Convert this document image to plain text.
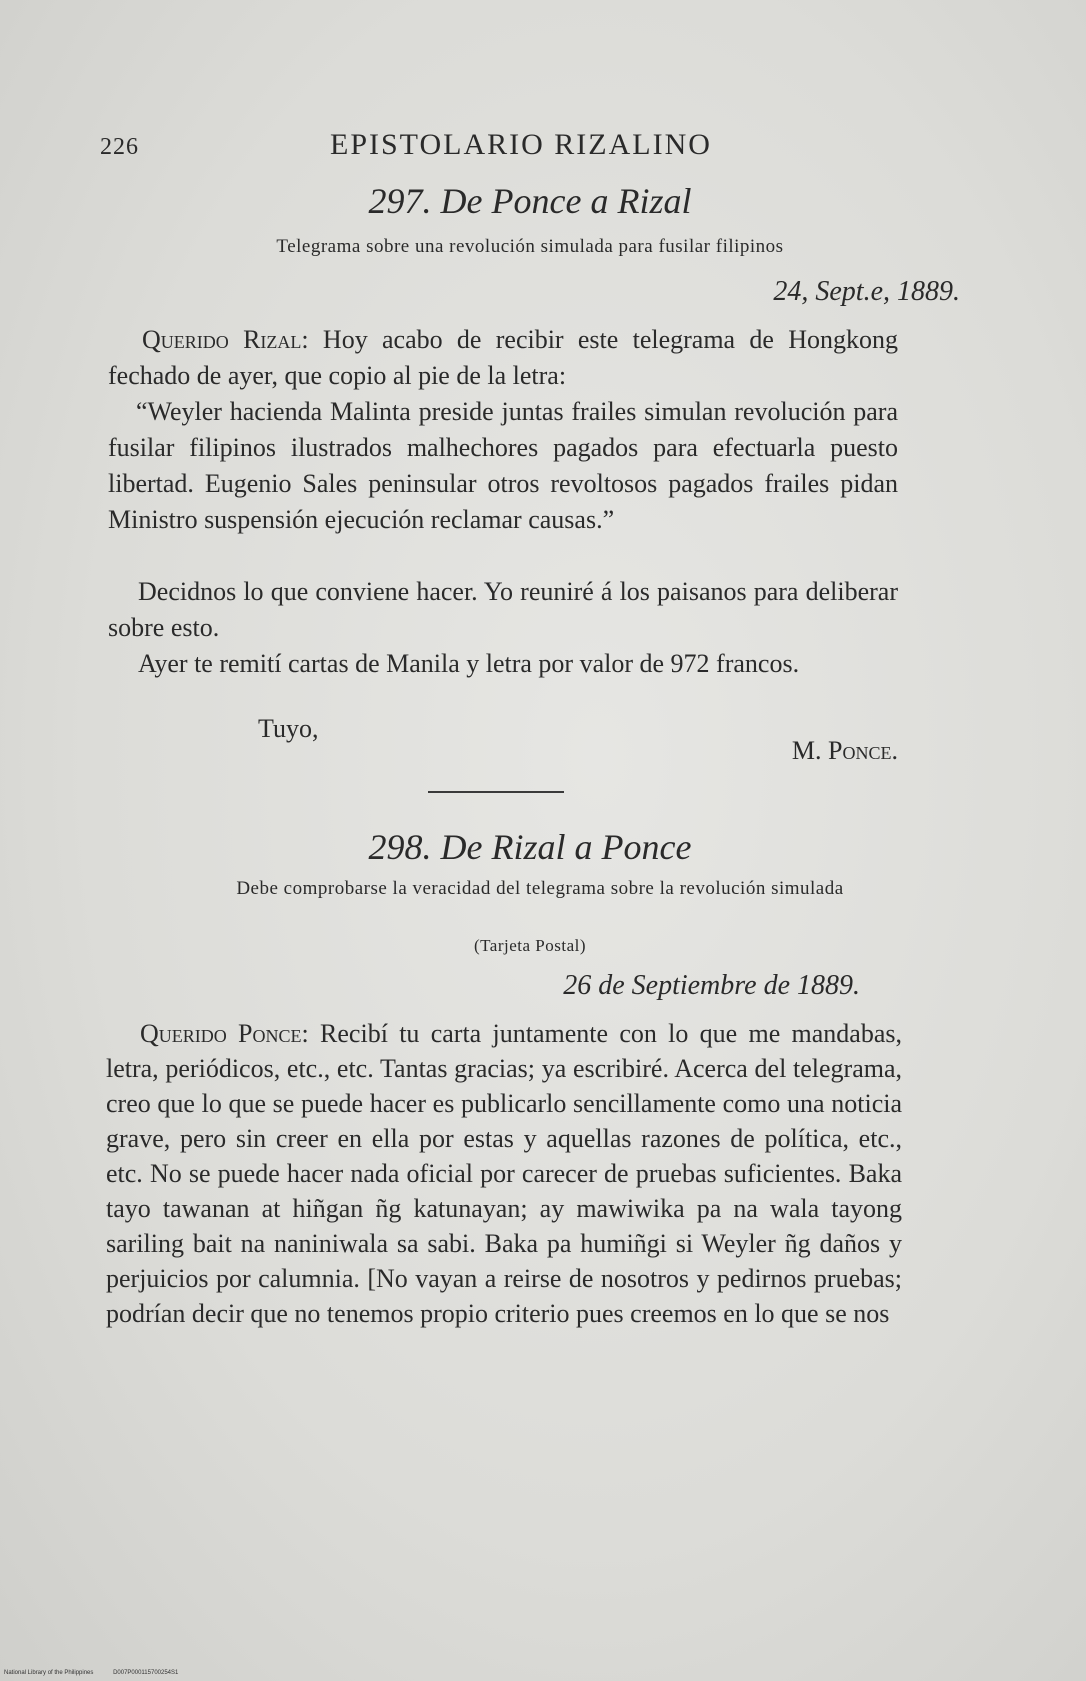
226	EPISTOLARIO RIZALINO
297. De Ponce a Rizal
Telegrama sobre una revolución simulada para fusilar filipinos
24, Sept.e, 1889.

Querido Rizal: Hoy acabo de recibir este telegrama de Hongkong fechado de ayer, que copio al pie de la letra:

“Weyler hacienda Malinta preside juntas frailes simulan revolución para fusilar filipinos ilustrados malhechores pagados para efectuarla puesto libertad. Eugenio Sales peninsular otros revoltosos pagados frailes pidan Ministro suspensión ejecución reclamar causas.”

Decidnos lo que conviene hacer. Yo reuniré á los paisanos para deliberar sobre esto.

Ayer te remití cartas de Manila y letra por valor de 972 francos.

Tuyo,
M. Ponce.
298. De Rizal a Ponce
Debe comprobarse la veracidad del telegrama sobre la revolución simulada
(Tarjeta Postal)
26 de Septiembre de 1889.

Querido Ponce: Recibí tu carta juntamente con lo que me mandabas, letra, periódicos, etc., etc. Tantas gracias; ya escribiré. Acerca del telegrama, creo que lo que se puede hacer es publicarlo sencillamente como una noticia grave, pero sin creer en ella por estas y aquellas razones de política, etc., etc. No se puede hacer nada oficial por carecer de pruebas suficientes. Baka tayo tawanan at hiñgan ñg katunayan; ay mawiwika pa na wala tayong sariling bait na naniniwala sa sabi. Baka pa humiñgi si Weyler ñg daños y perjuicios por calumnia. [No vayan a reirse de nosotros y pedirnos pruebas; podrían decir que no tenemos propio criterio pues creemos en lo que se nos

National Library of the Philippines	D007P000115700254S1
